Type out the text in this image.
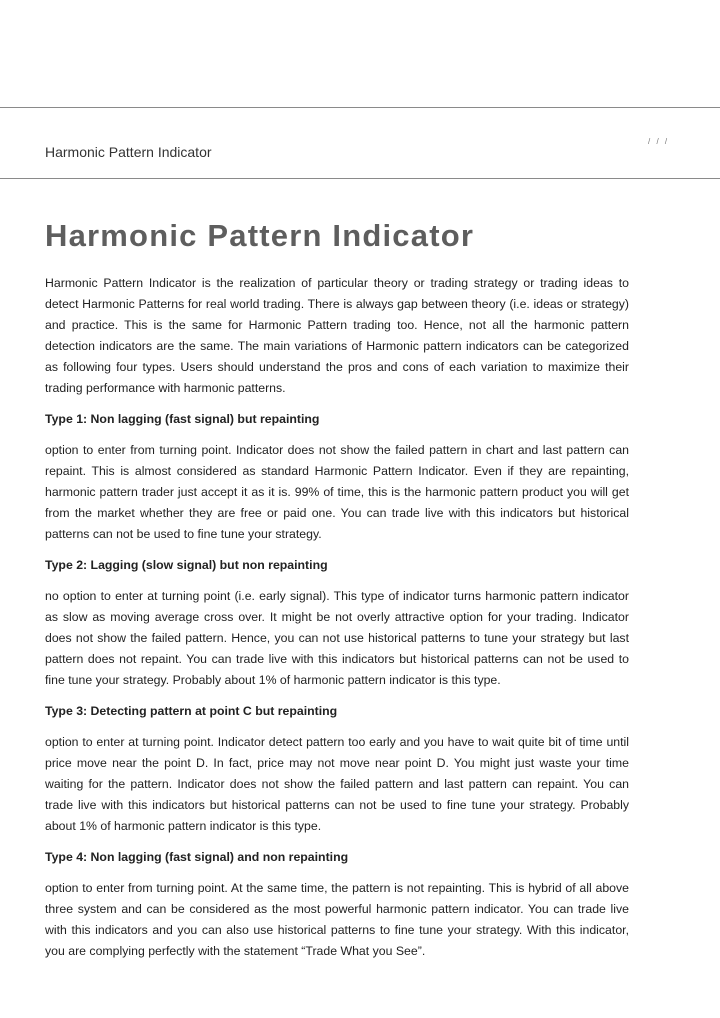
Harmonic Pattern Indicator
/ / /
Harmonic Pattern Indicator

Harmonic Pattern Indicator is the realization of particular theory or trading strategy or trading ideas to detect Harmonic Patterns for real world trading. There is always gap between theory (i.e. ideas or strategy) and practice. This is the same for Harmonic Pattern trading too. Hence, not all the harmonic pattern detection indicators are the same. The main variations of Harmonic pattern indicators can be categorized as following four types. Users should understand the pros and cons of each variation to maximize their trading performance with harmonic patterns.

Type 1: Non lagging (fast signal) but repainting

option to enter from turning point. Indicator does not show the failed pattern in chart and last pattern can repaint. This is almost considered as standard Harmonic Pattern Indicator. Even if they are repainting, harmonic pattern trader just accept it as it is. 99% of time, this is the harmonic pattern product you will get from the market whether they are free or paid one. You can trade live with this indicators but historical patterns can not be used to fine tune your strategy.

Type 2: Lagging (slow signal) but non repainting

no option to enter at turning point (i.e. early signal). This type of indicator turns harmonic pattern indicator as slow as moving average cross over. It might be not overly attractive option for your trading. Indicator does not show the failed pattern. Hence, you can not use historical patterns to tune your strategy but last pattern does not repaint. You can trade live with this indicators but historical patterns can not be used to fine tune your strategy. Probably about 1% of harmonic pattern indicator is this type.

Type 3: Detecting pattern at point C but repainting

option to enter at turning point. Indicator detect pattern too early and you have to wait quite bit of time until price move near the point D. In fact, price may not move near point D. You might just waste your time waiting for the pattern. Indicator does not show the failed pattern and last pattern can repaint. You can trade live with this indicators but historical patterns can not be used to fine tune your strategy. Probably about 1% of harmonic pattern indicator is this type.

Type 4: Non lagging (fast signal) and non repainting

option to enter from turning point. At the same time, the pattern is not repainting. This is hybrid of all above three system and can be considered as the most powerful harmonic pattern indicator. You can trade live with this indicators and you can also use historical patterns to fine tune your strategy. With this indicator, you are complying perfectly with the statement “Trade What you See”.
